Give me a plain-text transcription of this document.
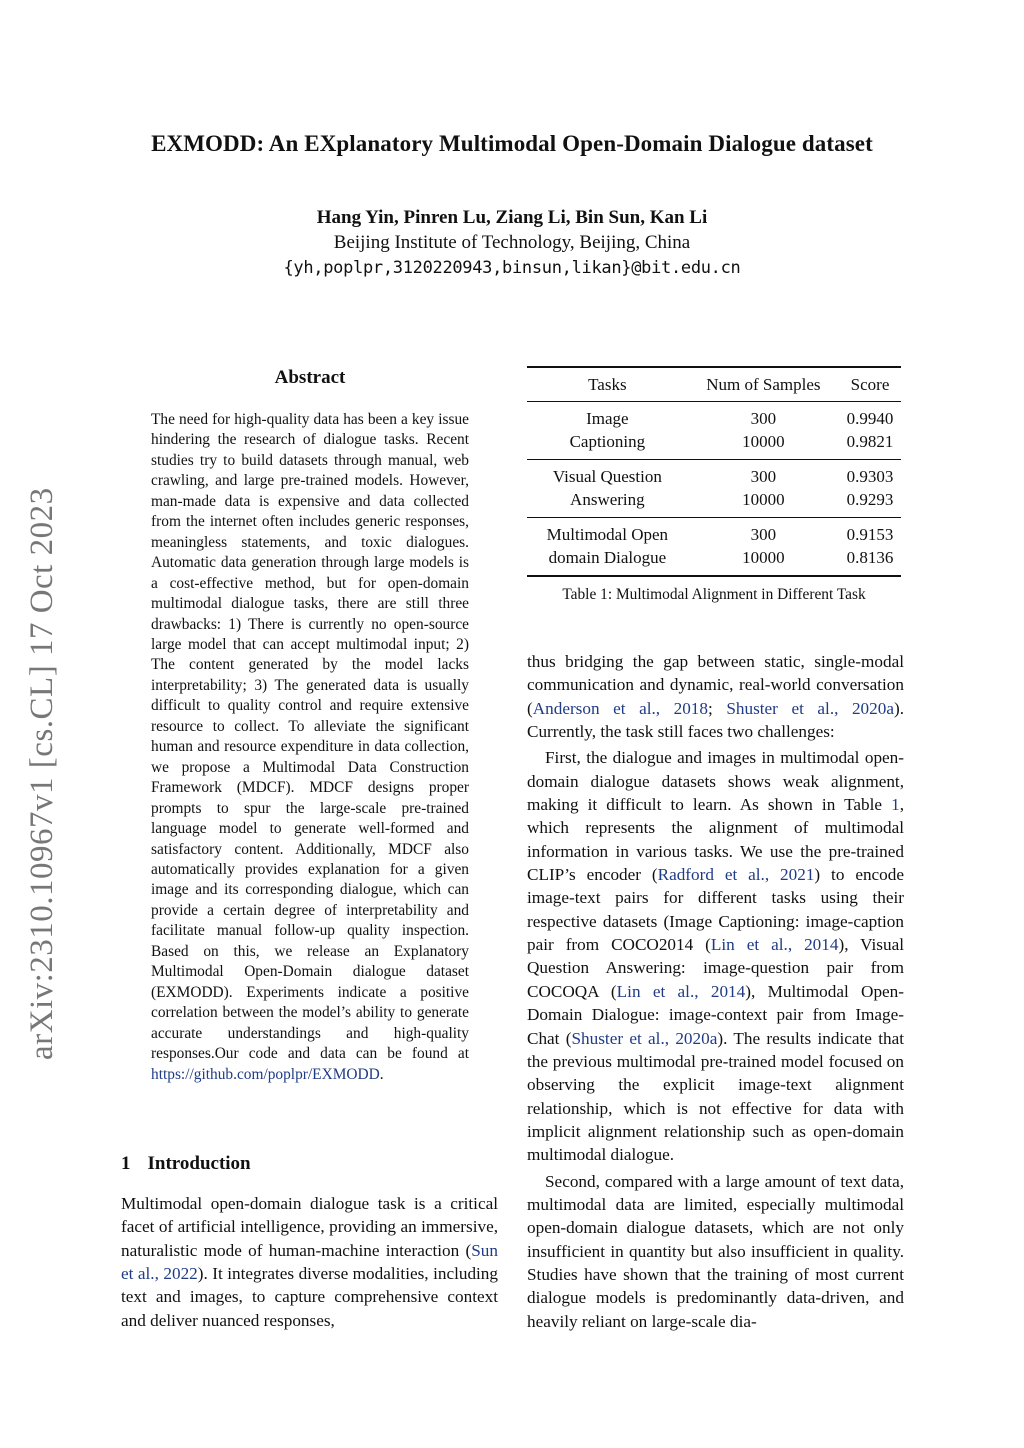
EXMODD: An EXplanatory Multimodal Open-Domain Dialogue dataset
Hang Yin, Pinren Lu, Ziang Li, Bin Sun, Kan Li
Beijing Institute of Technology, Beijing, China
{yh,poplpr,3120220943,binsun,likan}@bit.edu.cn
arXiv:2310.10967v1 [cs.CL] 17 Oct 2023
Abstract
The need for high-quality data has been a key issue hindering the research of dialogue tasks. Recent studies try to build datasets through manual, web crawling, and large pre-trained models. However, man-made data is expensive and data collected from the internet often includes generic responses, meaningless statements, and toxic dialogues. Automatic data generation through large models is a cost-effective method, but for open-domain multimodal dialogue tasks, there are still three drawbacks: 1) There is currently no open-source large model that can accept multimodal input; 2) The content generated by the model lacks interpretability; 3) The generated data is usually difficult to quality control and require extensive resource to collect. To alleviate the significant human and resource expenditure in data collection, we propose a Multimodal Data Construction Framework (MDCF). MDCF designs proper prompts to spur the large-scale pre-trained language model to generate well-formed and satisfactory content. Additionally, MDCF also automatically provides explanation for a given image and its corresponding dialogue, which can provide a certain degree of interpretability and facilitate manual follow-up quality inspection. Based on this, we release an Explanatory Multimodal Open-Domain dialogue dataset (EXMODD). Experiments indicate a positive correlation between the model’s ability to generate accurate understandings and high-quality responses.Our code and data can be found at https://github.com/poplpr/EXMODD.
1 Introduction

Multimodal open-domain dialogue task is a critical facet of artificial intelligence, providing an immersive, naturalistic mode of human-machine interaction (Sun et al., 2022). It integrates diverse modalities, including text and images, to capture comprehensive context and deliver nuanced responses,

Tasks	Num of Samples	Score
Image	300	0.9940
Captioning	10000	0.9821
Visual Question	300	0.9303
Answering	10000	0.9293
Multimodal Open	300	0.9153
domain Dialogue	10000	0.8136
Table 1: Multimodal Alignment in Different Task

thus bridging the gap between static, single-modal communication and dynamic, real-world conversation (Anderson et al., 2018; Shuster et al., 2020a). Currently, the task still faces two challenges:

First, the dialogue and images in multimodal open-domain dialogue datasets shows weak alignment, making it difficult to learn. As shown in Table 1, which represents the alignment of multimodal information in various tasks. We use the pre-trained CLIP’s encoder (Radford et al., 2021) to encode image-text pairs for different tasks using their respective datasets (Image Captioning: image-caption pair from COCO2014 (Lin et al., 2014), Visual Question Answering: image-question pair from COCOQA (Lin et al., 2014), Multimodal Open-Domain Dialogue: image-context pair from Image-Chat (Shuster et al., 2020a). The results indicate that the previous multimodal pre-trained model focused on observing the explicit image-text alignment relationship, which is not effective for data with implicit alignment relationship such as open-domain multimodal dialogue.

Second, compared with a large amount of text data, multimodal data are limited, especially multimodal open-domain dialogue datasets, which are not only insufficient in quantity but also insufficient in quality. Studies have shown that the training of most current dialogue models is predominantly data-driven, and heavily reliant on large-scale dia-
